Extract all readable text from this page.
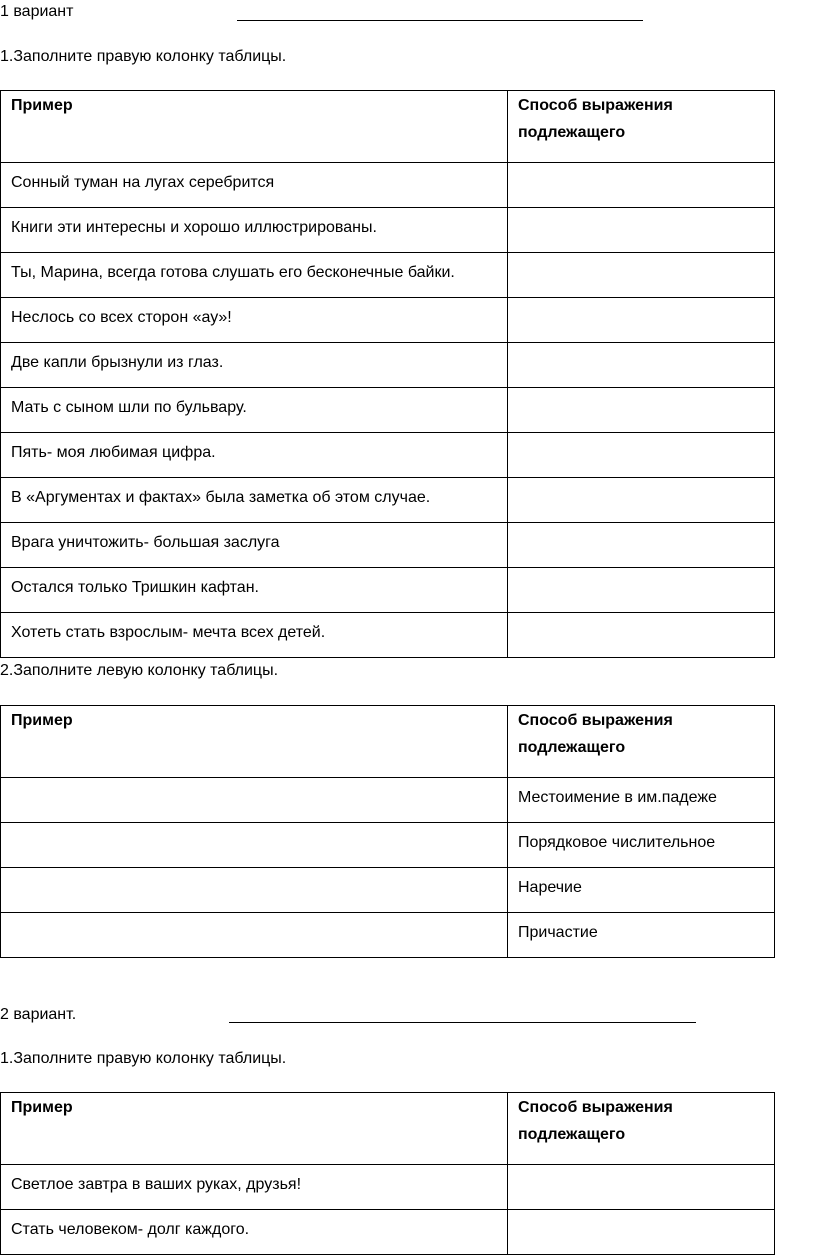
1 вариант
1.Заполните правую колонку таблицы.
Пример	Способ выражения подлежащего
Сонный туман на лугах серебрится	
Книги эти интересны и хорошо иллюстрированы.	
Ты, Марина, всегда готова слушать его бесконечные байки.	
Неслось со всех сторон «ау»!	
Две капли брызнули из глаз.	
Мать с сыном шли по бульвару.	
Пять- моя любимая цифра.	
В «Аргументах и фактах» была заметка об этом случае.	
Врага уничтожить- большая заслуга	
Остался только Тришкин кафтан.	
Хотеть стать взрослым- мечта всех детей.	
2.Заполните левую колонку таблицы.
Пример	Способ выражения подлежащего
	Местоимение в им.падеже
	Порядковое числительное
	Наречие
	Причастие
2 вариант.
1.Заполните правую колонку таблицы.
Пример	Способ выражения подлежащего
Светлое завтра в ваших руках, друзья!	
Стать человеком- долг каждого.	
